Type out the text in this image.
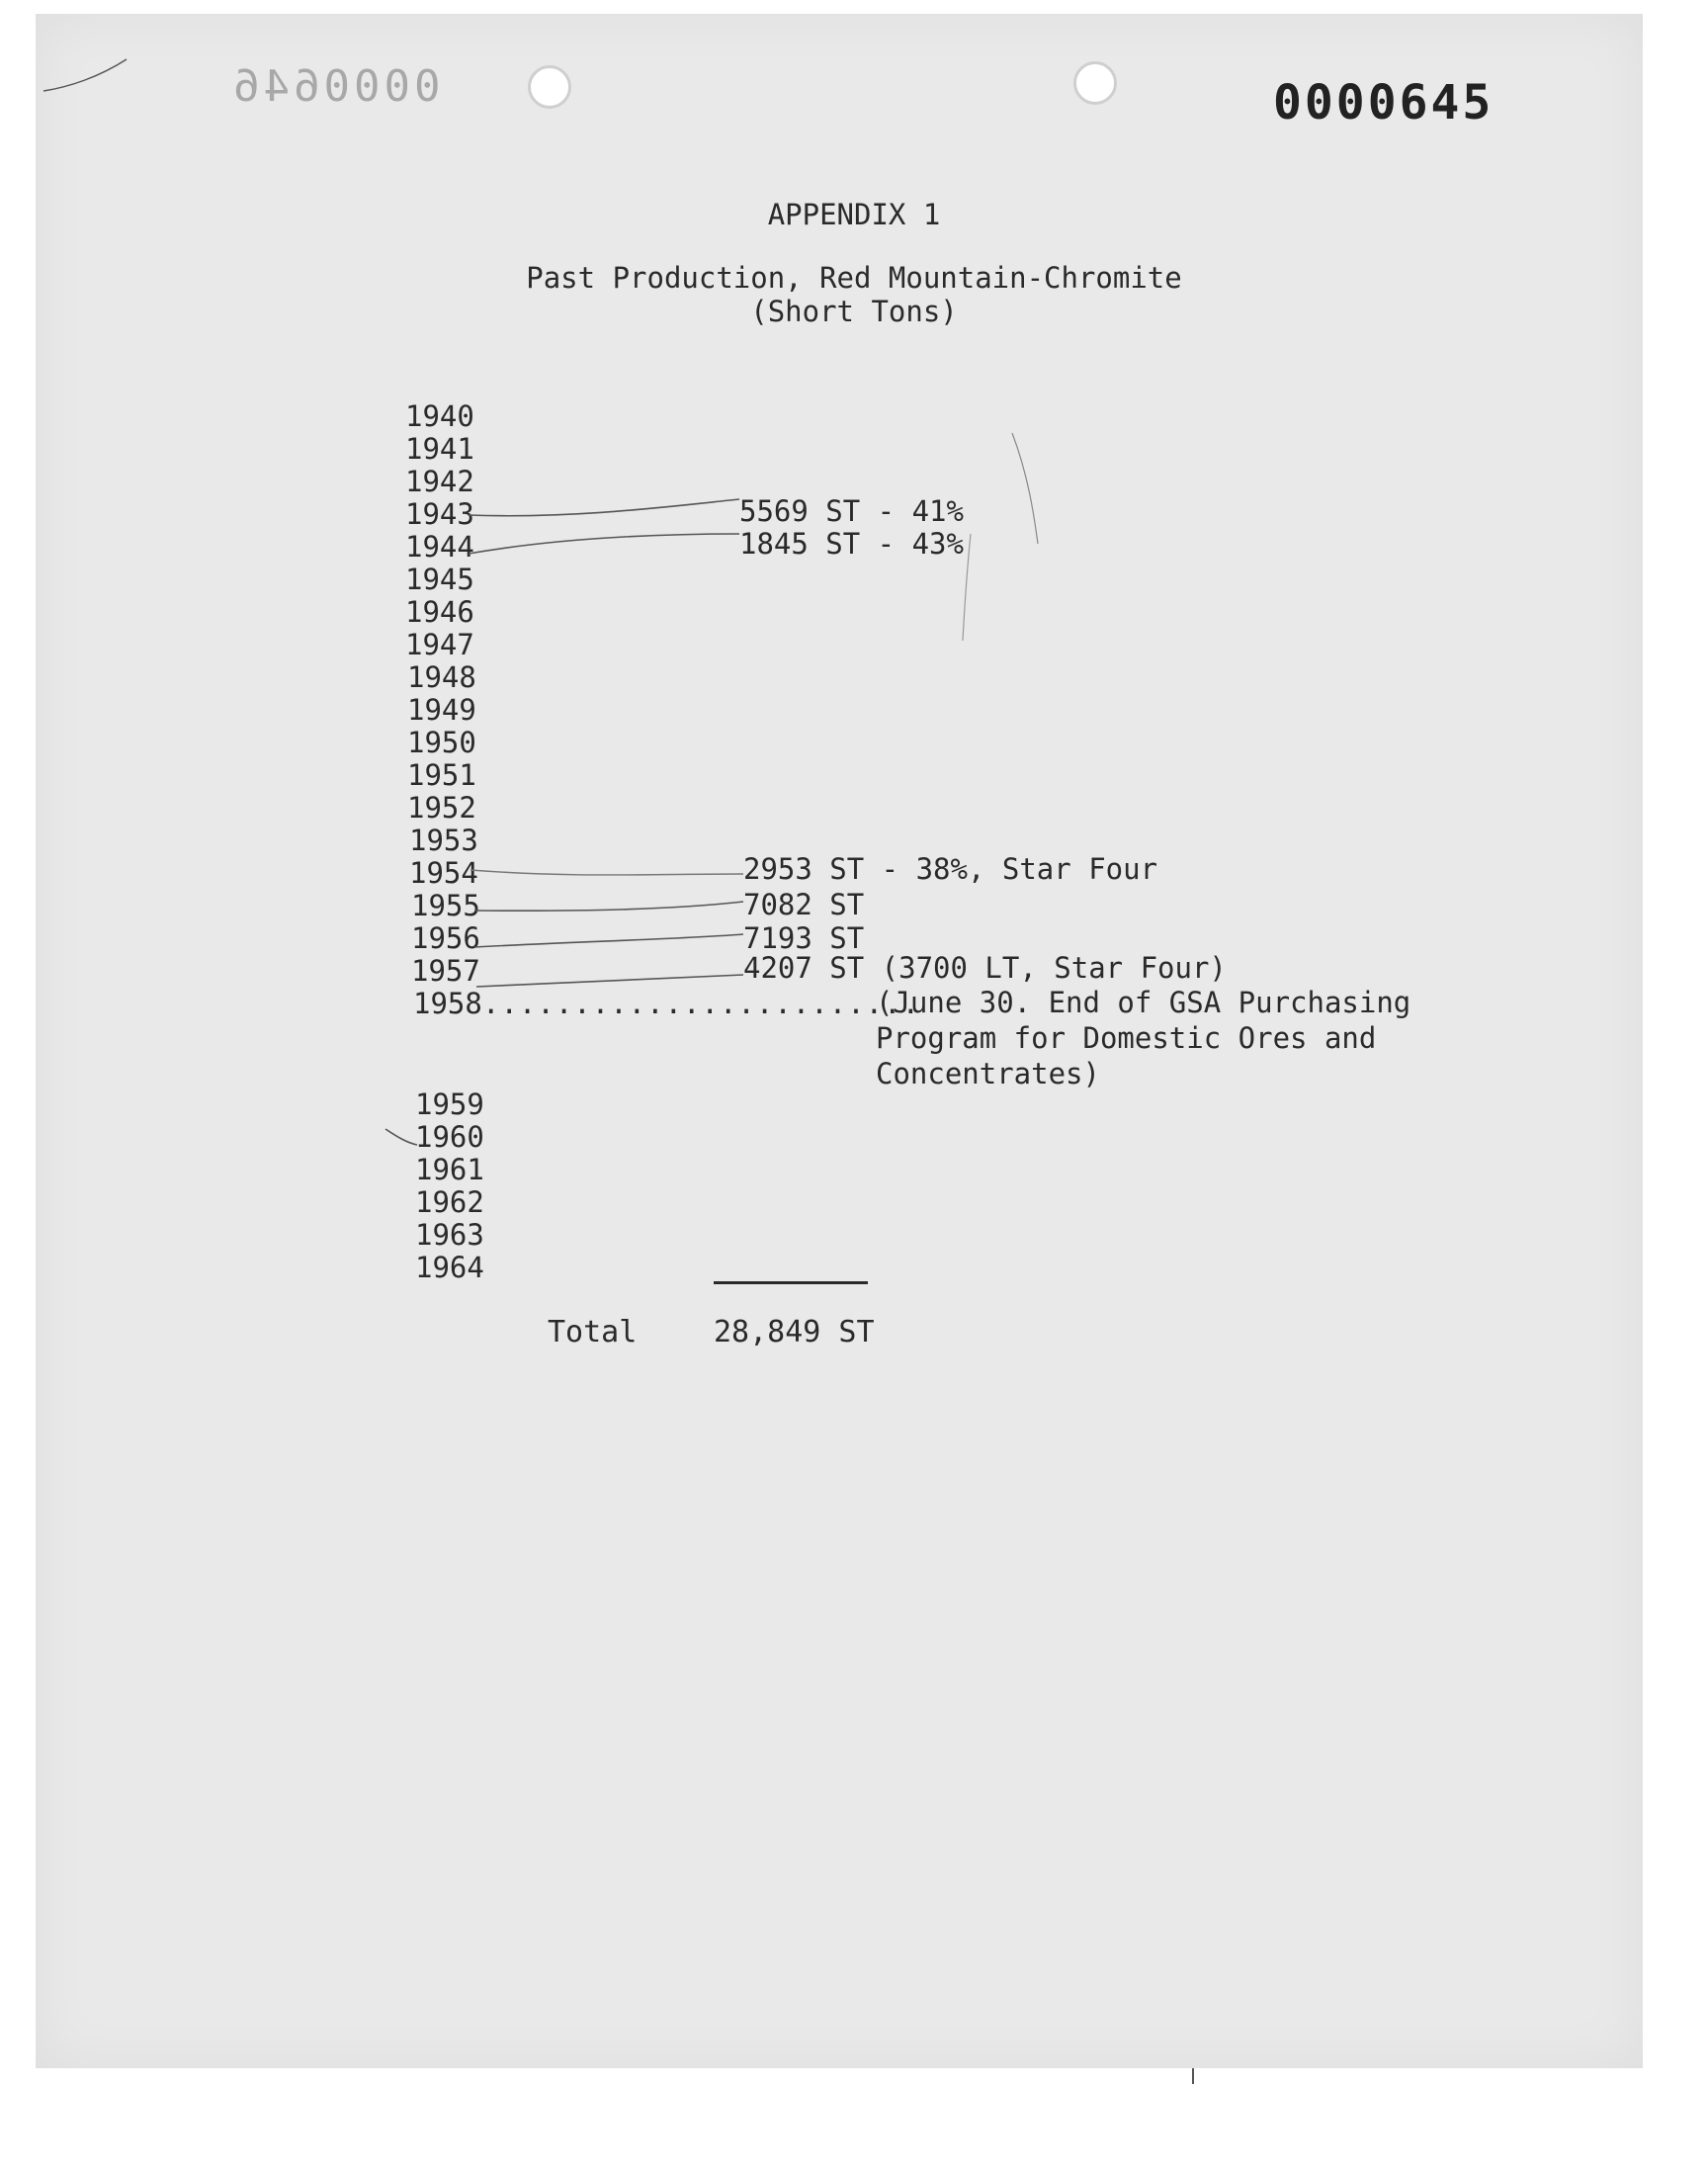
0000646	0000645
APPENDIX 1
Past Production, Red Mountain-Chromite
(Short Tons)
1940
1941
1942
1943
1944
1945
1946
1947
1948
1949
1950
1951
1952
1953
1954
1955
1956
1957
1958
1959
1960
1961
1962
1963
1964
5569 ST - 41%
1845 ST - 43%
2953 ST - 38%, Star Four
7082 ST
7193 ST
4207 ST (3700 LT, Star Four)
........................
(June 30. End of GSA Purchasing
Program for Domestic Ores and
Concentrates)
Total	28,849 ST
